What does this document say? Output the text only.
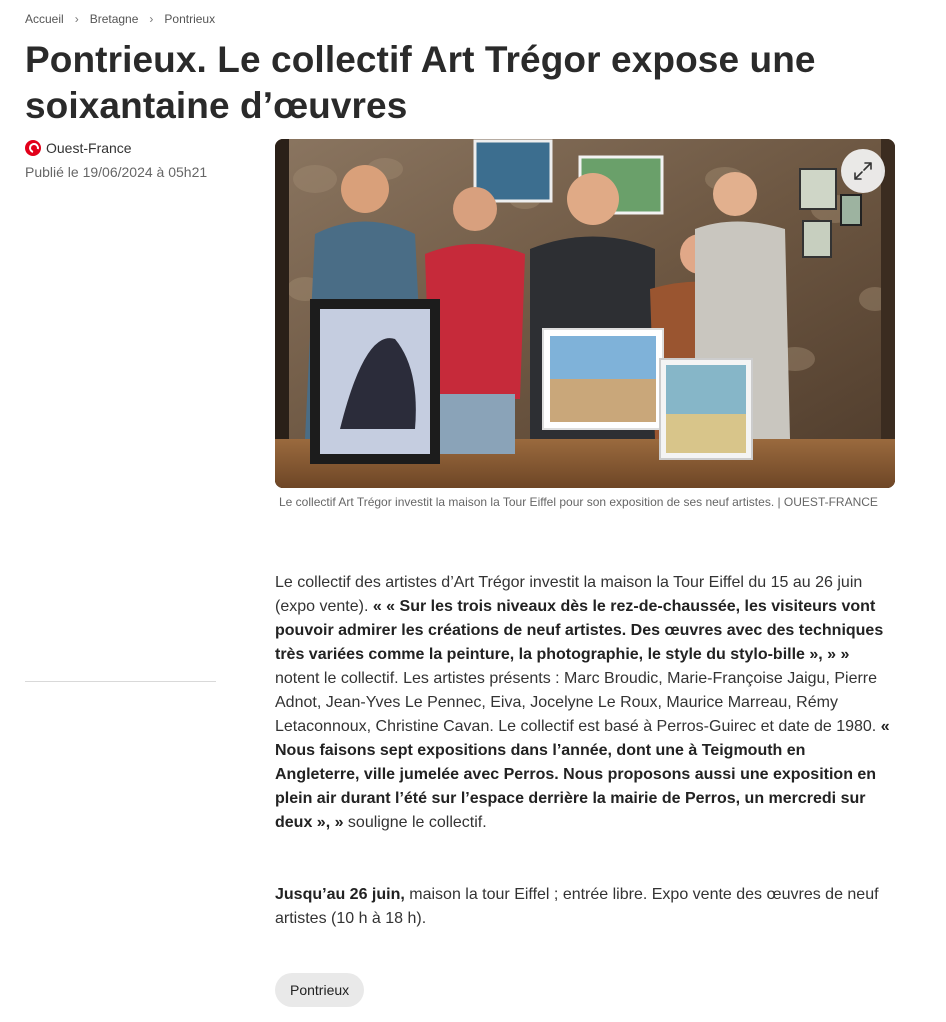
Accueil › Bretagne › Pontrieux
Pontrieux. Le collectif Art Trégor expose une soixantaine d’œuvres
Ouest-France
Publié le 19/06/2024 à 05h21
Le collectif Art Trégor investit la maison la Tour Eiffel pour son exposition de ses neuf artistes. | OUEST-FRANCE

Le collectif des artistes d’Art Trégor investit la maison la Tour Eiffel du 15 au 26 juin (expo vente). « « Sur les trois niveaux dès le rez-de-chaussée, les visiteurs vont pouvoir admirer les créations de neuf artistes. Des œuvres avec des techniques très variées comme la peinture, la photographie, le style du stylo-bille », » » notent le collectif. Les artistes présents : Marc Broudic, Marie-Françoise Jaigu, Pierre Adnot, Jean-Yves Le Pennec, Eiva, Jocelyne Le Roux, Maurice Marreau, Rémy Letaconnoux, Christine Cavan. Le collectif est basé à Perros-Guirec et date de 1980. « Nous faisons sept expositions dans l’année, dont une à Teigmouth en Angleterre, ville jumelée avec Perros. Nous proposons aussi une exposition en plein air durant l’été sur l’espace derrière la mairie de Perros, un mercredi sur deux », » souligne le collectif.

Jusqu’au 26 juin, maison la tour Eiffel ; entrée libre. Expo vente des œuvres de neuf artistes (10 h à 18 h).

Pontrieux
